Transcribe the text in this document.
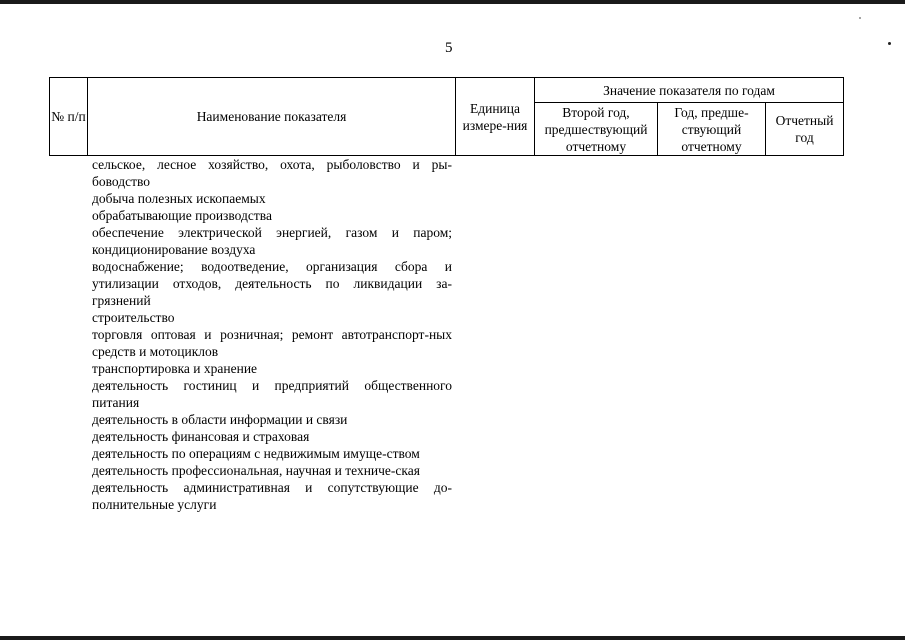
5
№ п/п	Наименование показателя	Единица измере-ния	Значение показателя по годам		
			Второй год, предшествующий отчетному	Год, предше-ствующий отчетному	Отчетный год

сельское, лесное хозяйство, охота, рыболовство и ры-боводство

добыча полезных ископаемых

обрабатывающие производства

обеспечение электрической энергией, газом и паром; кондиционирование воздуха

водоснабжение; водоотведение, организация сбора и утилизации отходов, деятельность по ликвидации за-грязнений

строительство

торговля оптовая и розничная; ремонт автотранспорт-ных средств и мотоциклов

транспортировка и хранение

деятельность гостиниц и предприятий общественного питания

деятельность в области информации и связи

деятельность финансовая и страховая

деятельность по операциям с недвижимым имуще-ством

деятельность профессиональная, научная и техниче-ская

деятельность административная и сопутствующие до-полнительные услуги
